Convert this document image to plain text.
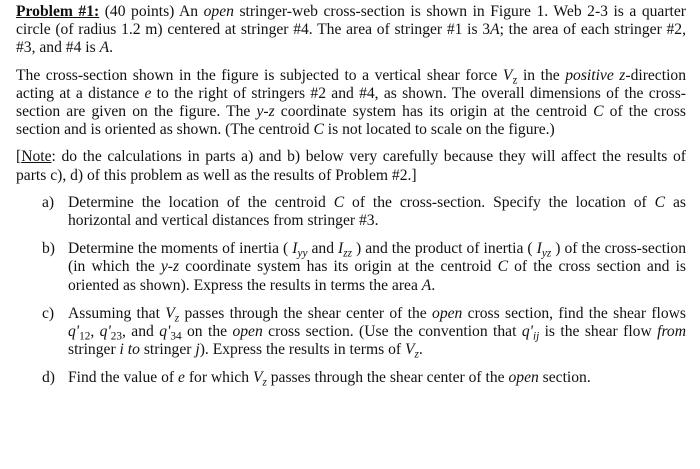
Problem #1: (40 points) An open stringer-web cross-section is shown in Figure 1. Web 2-3 is a quarter circle (of radius 1.2 m) centered at stringer #4. The area of stringer #1 is 3A; the area of each stringer #2, #3, and #4 is A.

The cross-section shown in the figure is subjected to a vertical shear force $V_z$ in the positive z-direction acting at a distance e to the right of stringers #2 and #4, as shown. The overall dimensions of the cross-section are given on the figure. The y-z coordinate system has its origin at the centroid C of the cross section and is oriented as shown. (The centroid C is not located to scale on the figure.)

[Note: do the calculations in parts a) and b) below very carefully because they will affect the results of parts c), d) of this problem as well as the results of Problem #2.]

a) Determine the location of the centroid C of the cross-section. Specify the location of C as horizontal and vertical distances from stringer #3.
b) Determine the moments of inertia ( $I_{yy}$ and $I_{zz}$ ) and the product of inertia ( $I_{yz}$ ) of the cross-section (in which the y-z coordinate system has its origin at the centroid C of the cross section and is oriented as shown). Express the results in terms the area A.
c) Assuming that $V_z$ passes through the shear center of the open cross section, find the shear flows $q'_{12}$, $q'_{23}$, and $q'_{34}$ on the open cross section. (Use the convention that $q'_{ij}$ is the shear flow from stringer i to stringer j). Express the results in terms of $V_z$.
d) Find the value of e for which $V_z$ passes through the shear center of the open section.
